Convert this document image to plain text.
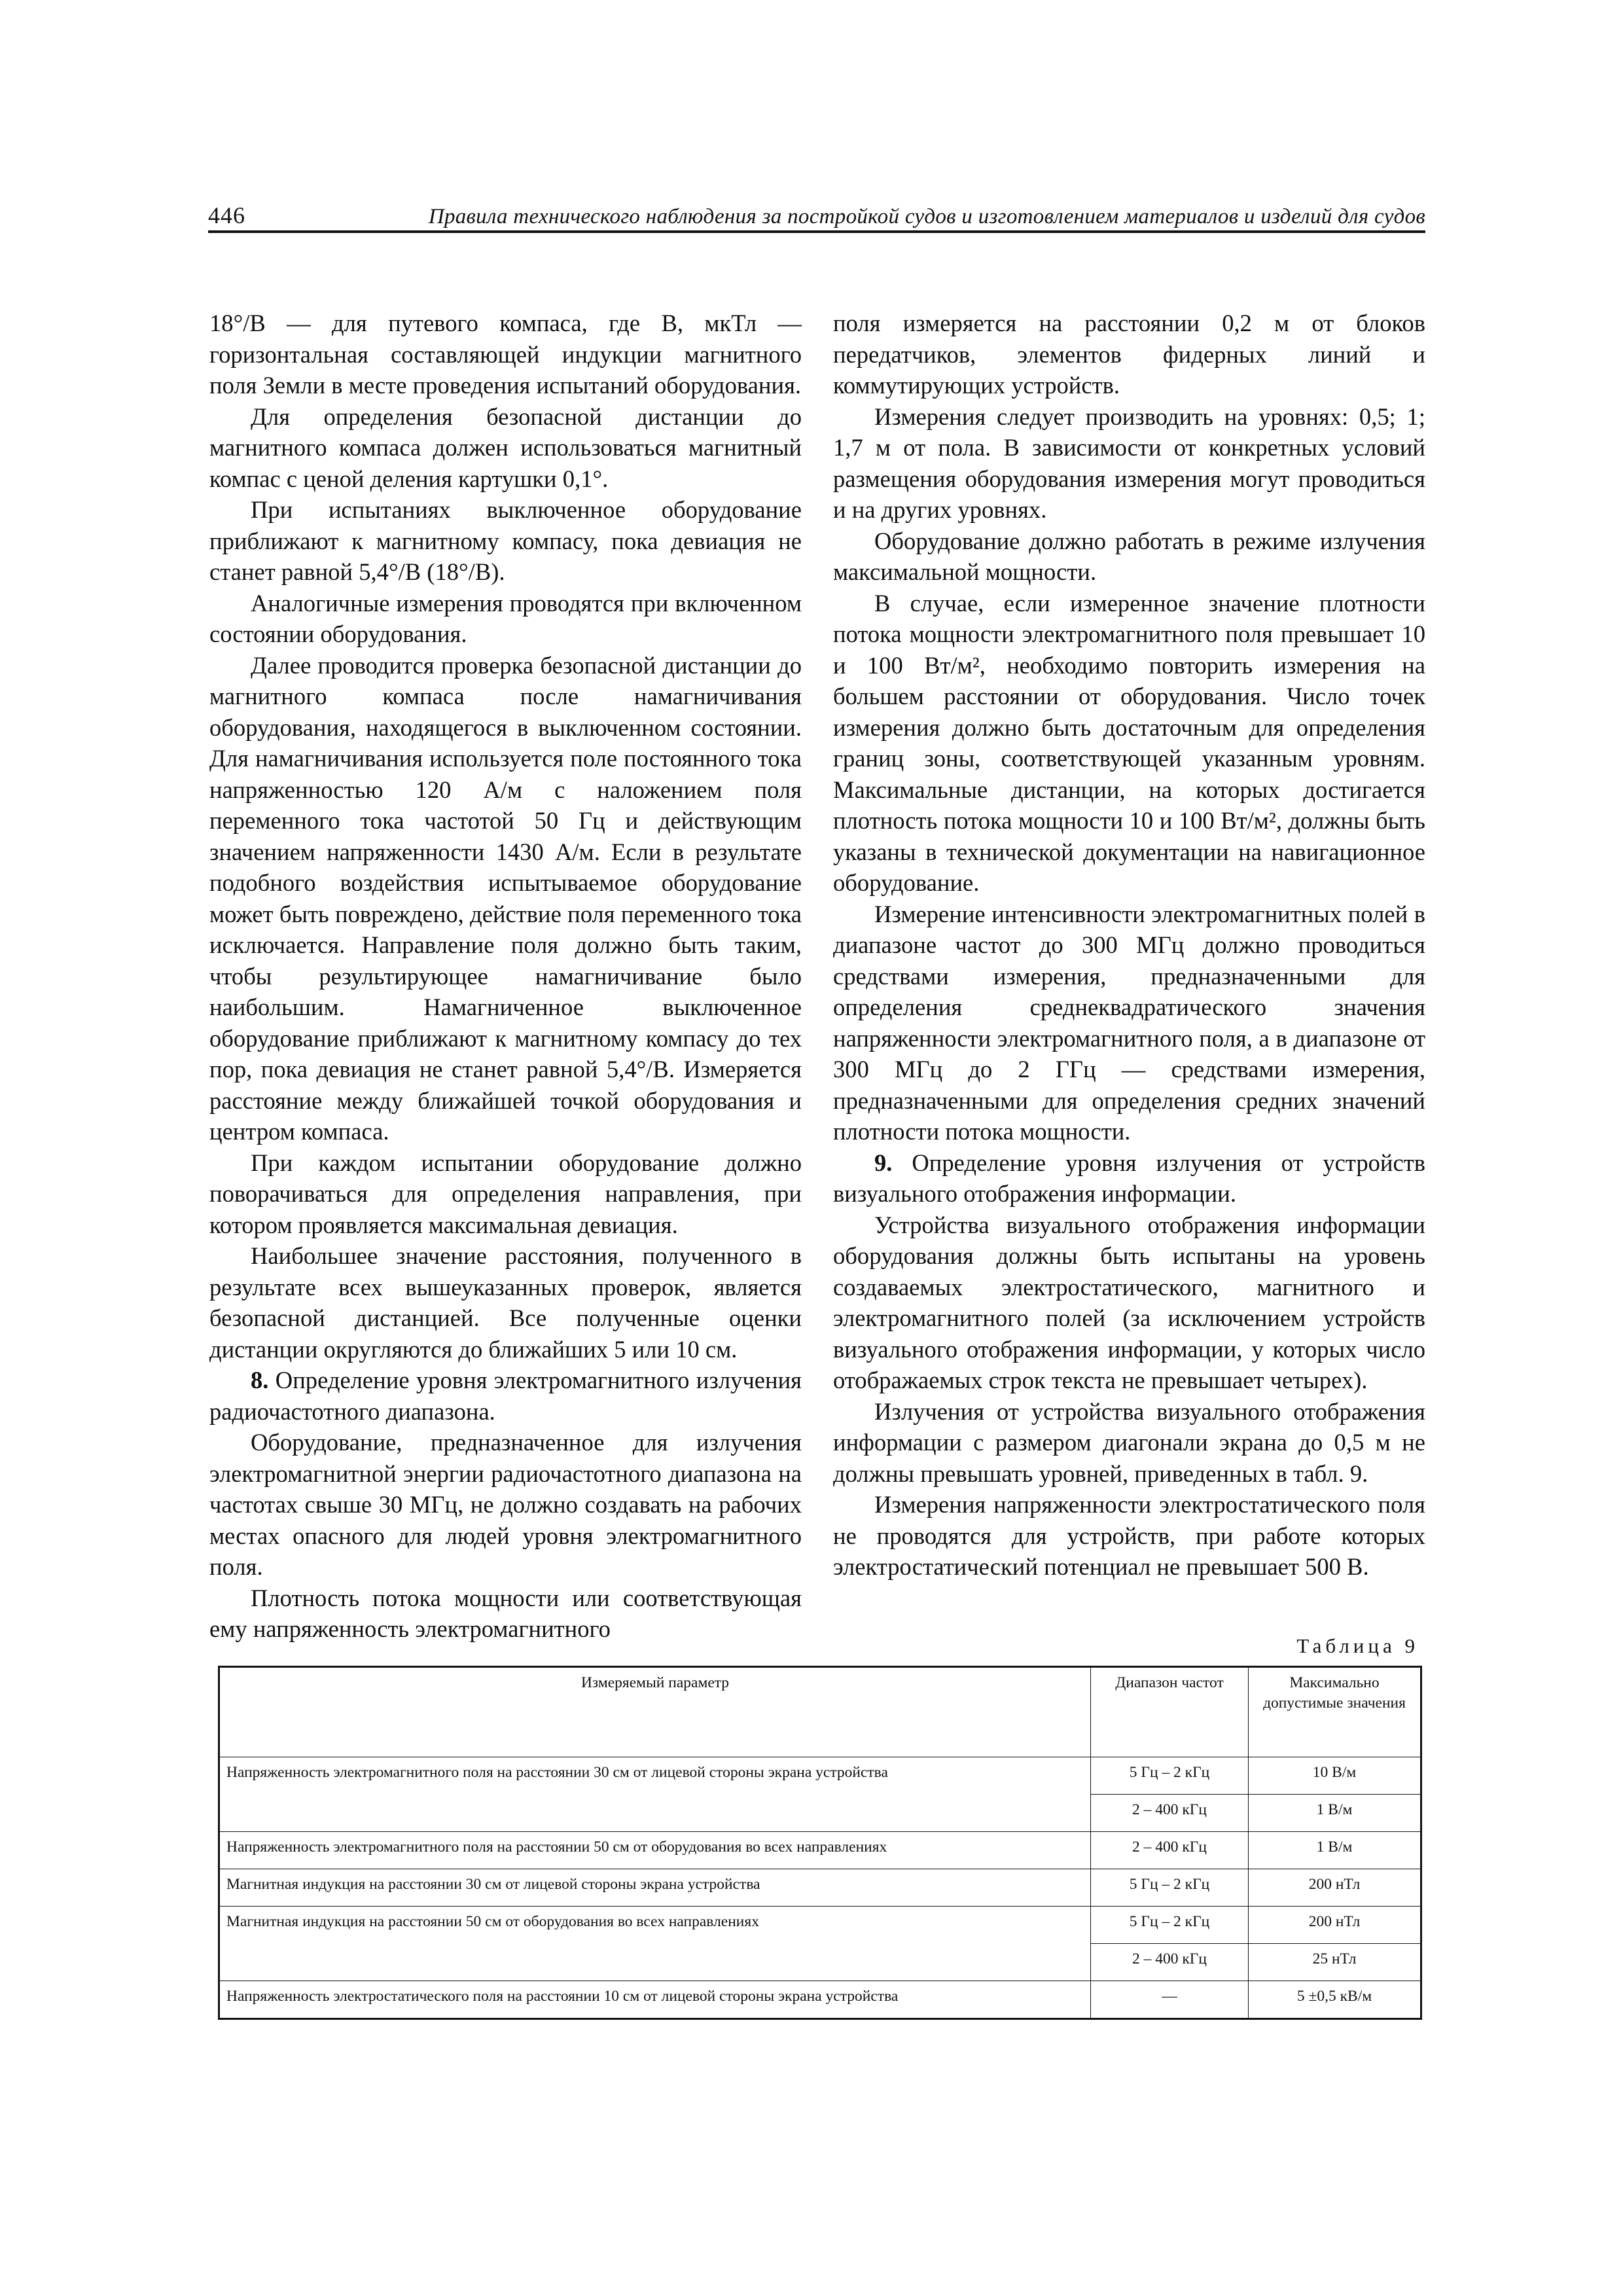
446	Правила технического наблюдения за постройкой судов и изготовлением материалов и изделий для судов

18°/В — для путевого компаса, где В, мкТл — горизонтальная составляющей индукции магнитного поля Земли в месте проведения испытаний оборудования.

Для определения безопасной дистанции до магнитного компаса должен использоваться магнитный компас с ценой деления картушки 0,1°.

При испытаниях выключенное оборудование приближают к магнитному компасу, пока девиация не станет равной 5,4°/В (18°/В).

Аналогичные измерения проводятся при включенном состоянии оборудования.

Далее проводится проверка безопасной дистанции до магнитного компаса после намагничивания оборудования, находящегося в выключенном состоянии. Для намагничивания используется поле постоянного тока напряженностью 120 А/м с наложением поля переменного тока частотой 50 Гц и действующим значением напряженности 1430 А/м. Если в результате подобного воздействия испытываемое оборудование может быть повреждено, действие поля переменного тока исключается. Направление поля должно быть таким, чтобы результирующее намагничивание было наибольшим. Намагниченное выключенное оборудование приближают к магнитному компасу до тех пор, пока девиация не станет равной 5,4°/В. Измеряется расстояние между ближайшей точкой оборудования и центром компаса.

При каждом испытании оборудование должно поворачиваться для определения направления, при котором проявляется максимальная девиация.

Наибольшее значение расстояния, полученного в результате всех вышеуказанных проверок, является безопасной дистанцией. Все полученные оценки дистанции округляются до ближайших 5 или 10 см.

8. Определение уровня электромагнитного излучения радиочастотного диапазона.

Оборудование, предназначенное для излучения электромагнитной энергии радиочастотного диапазона на частотах свыше 30 МГц, не должно создавать на рабочих местах опасного для людей уровня электромагнитного поля.

Плотность потока мощности или соответствующая ему напряженность электромагнитного

поля измеряется на расстоянии 0,2 м от блоков передатчиков, элементов фидерных линий и коммутирующих устройств.

Измерения следует производить на уровнях: 0,5; 1; 1,7 м от пола. В зависимости от конкретных условий размещения оборудования измерения могут проводиться и на других уровнях.

Оборудование должно работать в режиме излучения максимальной мощности.

В случае, если измеренное значение плотности потока мощности электромагнитного поля превышает 10 и 100 Вт/м², необходимо повторить измерения на большем расстоянии от оборудования. Число точек измерения должно быть достаточным для определения границ зоны, соответствующей указанным уровням. Максимальные дистанции, на которых достигается плотность потока мощности 10 и 100 Вт/м², должны быть указаны в технической документации на навигационное оборудование.

Измерение интенсивности электромагнитных полей в диапазоне частот до 300 МГц должно проводиться средствами измерения, предназначенными для определения среднеквадратического значения напряженности электромагнитного поля, а в диапазоне от 300 МГц до 2 ГГц — средствами измерения, предназначенными для определения средних значений плотности потока мощности.

9. Определение уровня излучения от устройств визуального отображения информации.

Устройства визуального отображения информации оборудования должны быть испытаны на уровень создаваемых электростатического, магнитного и электромагнитного полей (за исключением устройств визуального отображения информации, у которых число отображаемых строк текста не превышает четырех).

Излучения от устройства визуального отображения информации с размером диагонали экрана до 0,5 м не должны превышать уровней, приведенных в табл. 9.

Измерения напряженности электростатического поля не проводятся для устройств, при работе которых электростатический потенциал не превышает 500 В.

Таблица 9
Измеряемый параметр	Диапазон частот	Максимально допустимые значения
Напряженность электромагнитного поля на расстоянии 30 см от лицевой стороны экрана устройства	5 Гц – 2 кГц	10 В/м
	2 – 400 кГц	1 В/м
Напряженность электромагнитного поля на расстоянии 50 см от оборудования во всех направлениях	2 – 400 кГц	1 В/м
Магнитная индукция на расстоянии 30 см от лицевой стороны экрана устройства	5 Гц – 2 кГц	200 нТл
Магнитная индукция на расстоянии 50 см от оборудования во всех направлениях	5 Гц – 2 кГц	200 нТл
	2 – 400 кГц	25 нТл
Напряженность электростатического поля на расстоянии 10 см от лицевой стороны экрана устройства	—	5 ±0,5 кВ/м
